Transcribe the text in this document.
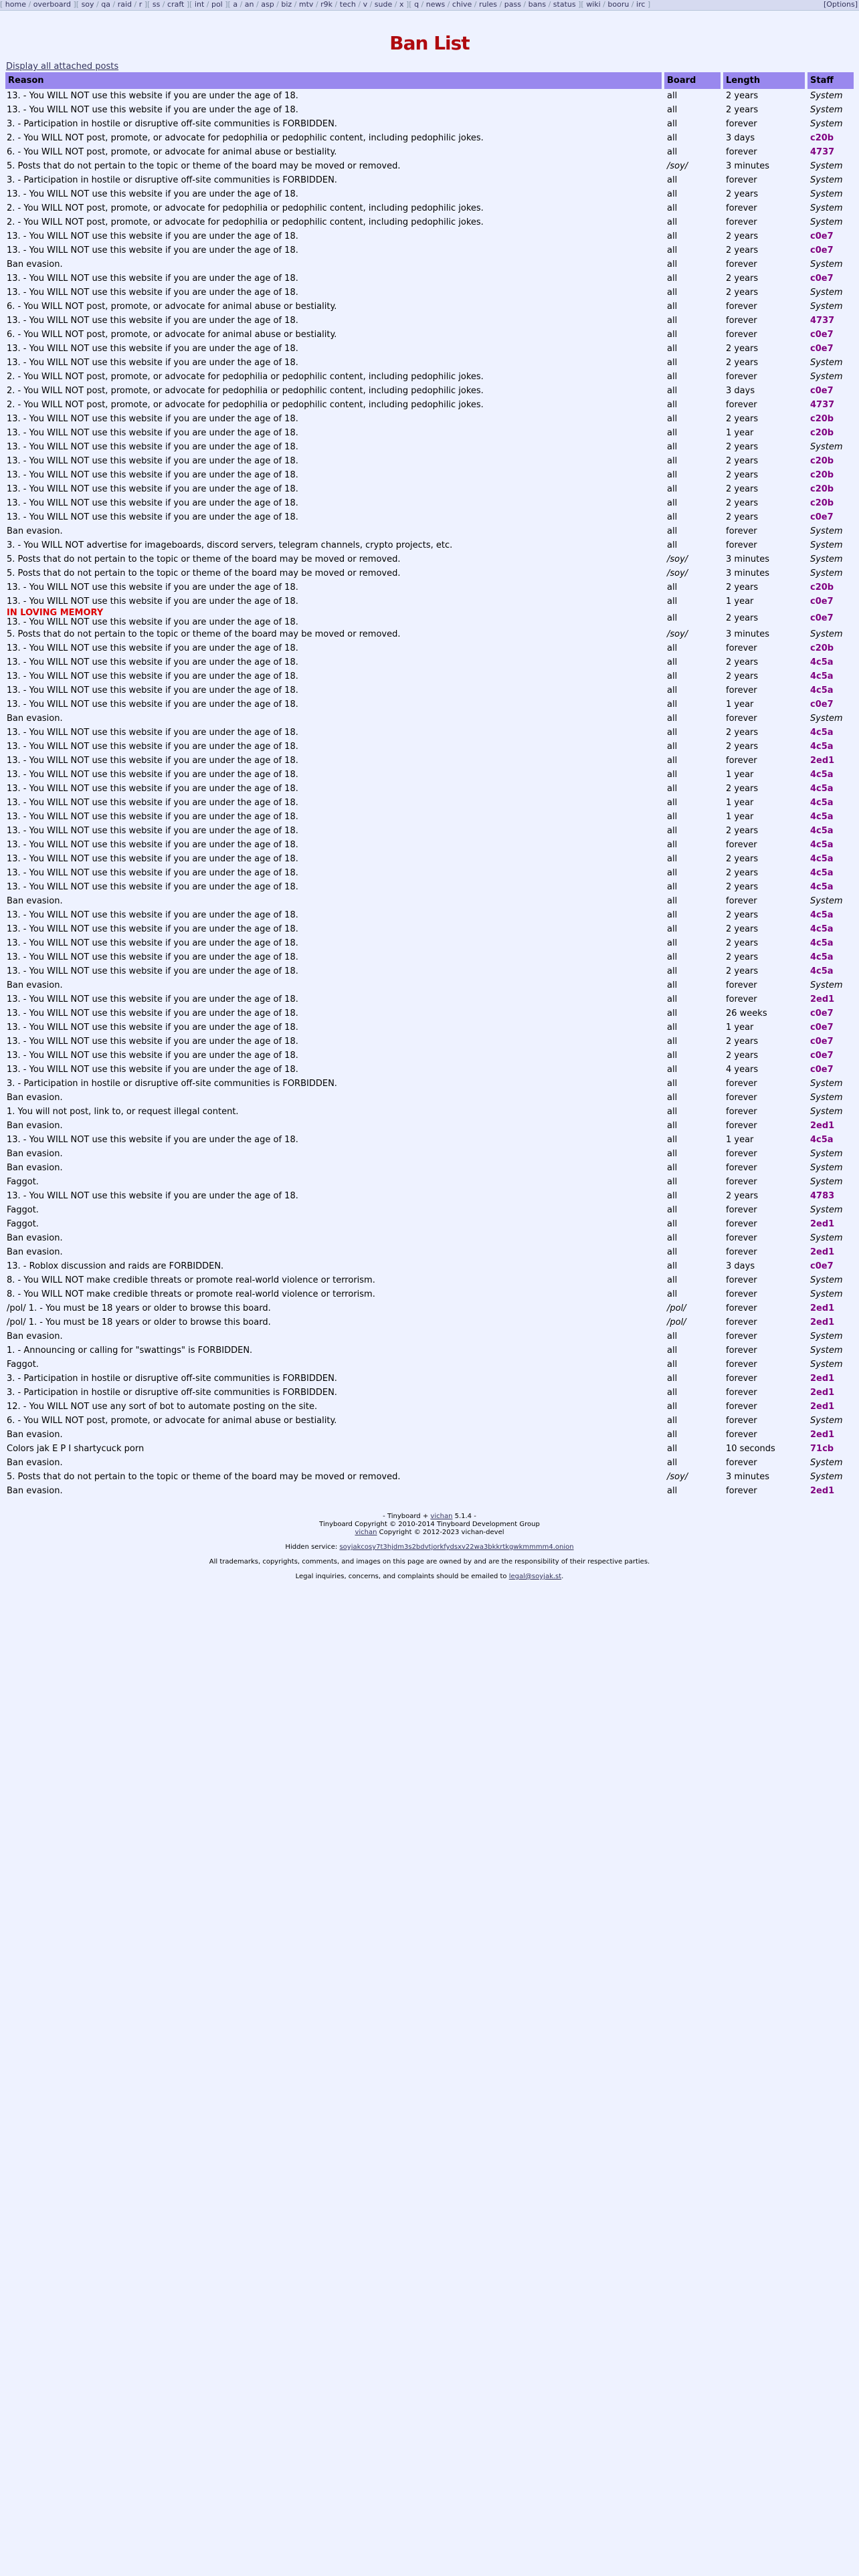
[ home / overboard ][ soy / qa / raid / r ][ ss / craft ][ int / pol ][ a / an / asp / biz / mtv / r9k / tech / v / sude / x ][ q / news / chive / rules / pass / bans / status ][ wiki / booru / irc ]	[Options]
Ban List
Display all attached posts
Reason	Board	Length	Staff
13. - You WILL NOT use this website if you are under the age of 18.	all	2 years	System
13. - You WILL NOT use this website if you are under the age of 18.	all	2 years	System
3. - Participation in hostile or disruptive off-site communities is FORBIDDEN.	all	forever	System
2. - You WILL NOT post, promote, or advocate for pedophilia or pedophilic content, including pedophilic jokes.	all	3 days	c20b
6. - You WILL NOT post, promote, or advocate for animal abuse or bestiality.	all	forever	4737
5. Posts that do not pertain to the topic or theme of the board may be moved or removed.	/soy/	3 minutes	System
3. - Participation in hostile or disruptive off-site communities is FORBIDDEN.	all	forever	System
13. - You WILL NOT use this website if you are under the age of 18.	all	2 years	System
2. - You WILL NOT post, promote, or advocate for pedophilia or pedophilic content, including pedophilic jokes.	all	forever	System
2. - You WILL NOT post, promote, or advocate for pedophilia or pedophilic content, including pedophilic jokes.	all	forever	System
13. - You WILL NOT use this website if you are under the age of 18.	all	2 years	c0e7
13. - You WILL NOT use this website if you are under the age of 18.	all	2 years	c0e7
Ban evasion.	all	forever	System
13. - You WILL NOT use this website if you are under the age of 18.	all	2 years	c0e7
13. - You WILL NOT use this website if you are under the age of 18.	all	2 years	System
6. - You WILL NOT post, promote, or advocate for animal abuse or bestiality.	all	forever	System
13. - You WILL NOT use this website if you are under the age of 18.	all	forever	4737
6. - You WILL NOT post, promote, or advocate for animal abuse or bestiality.	all	forever	c0e7
13. - You WILL NOT use this website if you are under the age of 18.	all	2 years	c0e7
13. - You WILL NOT use this website if you are under the age of 18.	all	2 years	System
2. - You WILL NOT post, promote, or advocate for pedophilia or pedophilic content, including pedophilic jokes.	all	forever	System
2. - You WILL NOT post, promote, or advocate for pedophilia or pedophilic content, including pedophilic jokes.	all	3 days	c0e7
2. - You WILL NOT post, promote, or advocate for pedophilia or pedophilic content, including pedophilic jokes.	all	forever	4737
13. - You WILL NOT use this website if you are under the age of 18.	all	2 years	c20b
13. - You WILL NOT use this website if you are under the age of 18.	all	1 year	c20b
13. - You WILL NOT use this website if you are under the age of 18.	all	2 years	System
13. - You WILL NOT use this website if you are under the age of 18.	all	2 years	c20b
13. - You WILL NOT use this website if you are under the age of 18.	all	2 years	c20b
13. - You WILL NOT use this website if you are under the age of 18.	all	2 years	c20b
13. - You WILL NOT use this website if you are under the age of 18.	all	2 years	c20b
13. - You WILL NOT use this website if you are under the age of 18.	all	2 years	c0e7
Ban evasion.	all	forever	System
3. - You WILL NOT advertise for imageboards, discord servers, telegram channels, crypto projects, etc.	all	forever	System
5. Posts that do not pertain to the topic or theme of the board may be moved or removed.	/soy/	3 minutes	System
5. Posts that do not pertain to the topic or theme of the board may be moved or removed.	/soy/	3 minutes	System
13. - You WILL NOT use this website if you are under the age of 18.	all	2 years	c20b
13. - You WILL NOT use this website if you are under the age of 18.	all	1 year	c0e7

IN LOVING MEMORY
13. - You WILL NOT use this website if you are under the age of 18.	all	2 years	c0e7
5. Posts that do not pertain to the topic or theme of the board may be moved or removed.	/soy/	3 minutes	System
13. - You WILL NOT use this website if you are under the age of 18.	all	forever	c20b
13. - You WILL NOT use this website if you are under the age of 18.	all	2 years	4c5a
13. - You WILL NOT use this website if you are under the age of 18.	all	2 years	4c5a
13. - You WILL NOT use this website if you are under the age of 18.	all	forever	4c5a
13. - You WILL NOT use this website if you are under the age of 18.	all	1 year	c0e7
Ban evasion.	all	forever	System
13. - You WILL NOT use this website if you are under the age of 18.	all	2 years	4c5a
13. - You WILL NOT use this website if you are under the age of 18.	all	2 years	4c5a
13. - You WILL NOT use this website if you are under the age of 18.	all	forever	2ed1
13. - You WILL NOT use this website if you are under the age of 18.	all	1 year	4c5a
13. - You WILL NOT use this website if you are under the age of 18.	all	2 years	4c5a
13. - You WILL NOT use this website if you are under the age of 18.	all	1 year	4c5a
13. - You WILL NOT use this website if you are under the age of 18.	all	1 year	4c5a
13. - You WILL NOT use this website if you are under the age of 18.	all	2 years	4c5a
13. - You WILL NOT use this website if you are under the age of 18.	all	forever	4c5a
13. - You WILL NOT use this website if you are under the age of 18.	all	2 years	4c5a
13. - You WILL NOT use this website if you are under the age of 18.	all	2 years	4c5a
13. - You WILL NOT use this website if you are under the age of 18.	all	2 years	4c5a
Ban evasion.	all	forever	System
13. - You WILL NOT use this website if you are under the age of 18.	all	2 years	4c5a
13. - You WILL NOT use this website if you are under the age of 18.	all	2 years	4c5a
13. - You WILL NOT use this website if you are under the age of 18.	all	2 years	4c5a
13. - You WILL NOT use this website if you are under the age of 18.	all	2 years	4c5a
13. - You WILL NOT use this website if you are under the age of 18.	all	2 years	4c5a
Ban evasion.	all	forever	System
13. - You WILL NOT use this website if you are under the age of 18.	all	forever	2ed1
13. - You WILL NOT use this website if you are under the age of 18.	all	26 weeks	c0e7
13. - You WILL NOT use this website if you are under the age of 18.	all	1 year	c0e7
13. - You WILL NOT use this website if you are under the age of 18.	all	2 years	c0e7
13. - You WILL NOT use this website if you are under the age of 18.	all	2 years	c0e7
13. - You WILL NOT use this website if you are under the age of 18.	all	4 years	c0e7
3. - Participation in hostile or disruptive off-site communities is FORBIDDEN.	all	forever	System
Ban evasion.	all	forever	System
1. You will not post, link to, or request illegal content.	all	forever	System
Ban evasion.	all	forever	2ed1
13. - You WILL NOT use this website if you are under the age of 18.	all	1 year	4c5a
Ban evasion.	all	forever	System
Ban evasion.	all	forever	System
Faggot.	all	forever	System
13. - You WILL NOT use this website if you are under the age of 18.	all	2 years	4783
Faggot.	all	forever	System
Faggot.	all	forever	2ed1
Ban evasion.	all	forever	System
Ban evasion.	all	forever	2ed1
13. - Roblox discussion and raids are FORBIDDEN.	all	3 days	c0e7
8. - You WILL NOT make credible threats or promote real-world violence or terrorism.	all	forever	System
8. - You WILL NOT make credible threats or promote real-world violence or terrorism.	all	forever	System
/pol/ 1. - You must be 18 years or older to browse this board.	/pol/	forever	2ed1
/pol/ 1. - You must be 18 years or older to browse this board.	/pol/	forever	2ed1
Ban evasion.	all	forever	System
1. - Announcing or calling for "swattings" is FORBIDDEN.	all	forever	System
Faggot.	all	forever	System
3. - Participation in hostile or disruptive off-site communities is FORBIDDEN.	all	forever	2ed1
3. - Participation in hostile or disruptive off-site communities is FORBIDDEN.	all	forever	2ed1
12. - You WILL NOT use any sort of bot to automate posting on the site.	all	forever	2ed1
6. - You WILL NOT post, promote, or advocate for animal abuse or bestiality.	all	forever	System
Ban evasion.	all	forever	2ed1
Colors jak E P I shartycuck porn	all	10 seconds	71cb
Ban evasion.	all	forever	System
5. Posts that do not pertain to the topic or theme of the board may be moved or removed.	/soy/	3 minutes	System
Ban evasion.	all	forever	2ed1

- Tinyboard + vichan 5.1.4 -
Tinyboard Copyright © 2010-2014 Tinyboard Development Group
vichan Copyright © 2012-2023 vichan-devel

Hidden service: soyjakcosy7t3hjdm3s2bdvtjorkfydsxv22wa3bkkrtkgwkmmmm4.onion

All trademarks, copyrights, comments, and images on this page are owned by and are the responsibility of their respective parties.

Legal inquiries, concerns, and complaints should be emailed to legal@soyjak.st.
